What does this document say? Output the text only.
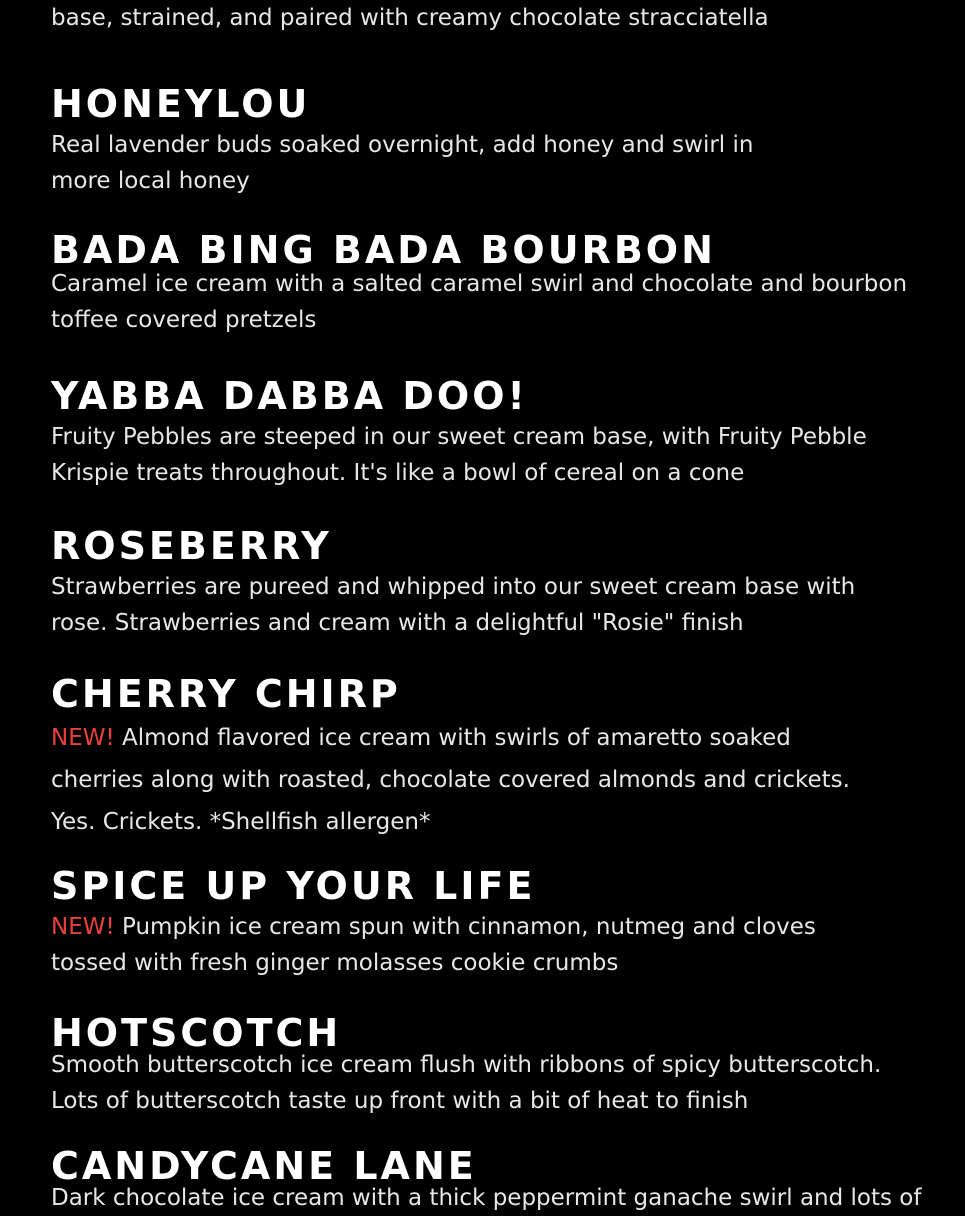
base, strained, and paired with creamy chocolate stracciatella
HONEYLOU

Real lavender buds soaked overnight, add honey and swirl in
more local honey

BADA BING BADA BOURBON

Caramel ice cream with a salted caramel swirl and chocolate and bourbon
toffee covered pretzels

YABBA DABBA DOO!

Fruity Pebbles are steeped in our sweet cream base, with Fruity Pebble
Krispie treats throughout. It's like a bowl of cereal on a cone

ROSEBERRY

Strawberries are pureed and whipped into our sweet cream base with
rose. Strawberries and cream with a delightful "Rosie" finish

CHERRY CHIRP

NEW! Almond flavored ice cream with swirls of amaretto soaked
cherries along with roasted, chocolate covered almonds and crickets.
Yes. Crickets. *Shellfish allergen*

SPICE UP YOUR LIFE

NEW! Pumpkin ice cream spun with cinnamon, nutmeg and cloves
tossed with fresh ginger molasses cookie crumbs

HOTSCOTCH

Smooth butterscotch ice cream flush with ribbons of spicy butterscotch.
Lots of butterscotch taste up front with a bit of heat to finish

CANDYCANE LANE

Dark chocolate ice cream with a thick peppermint ganache swirl and lots of
